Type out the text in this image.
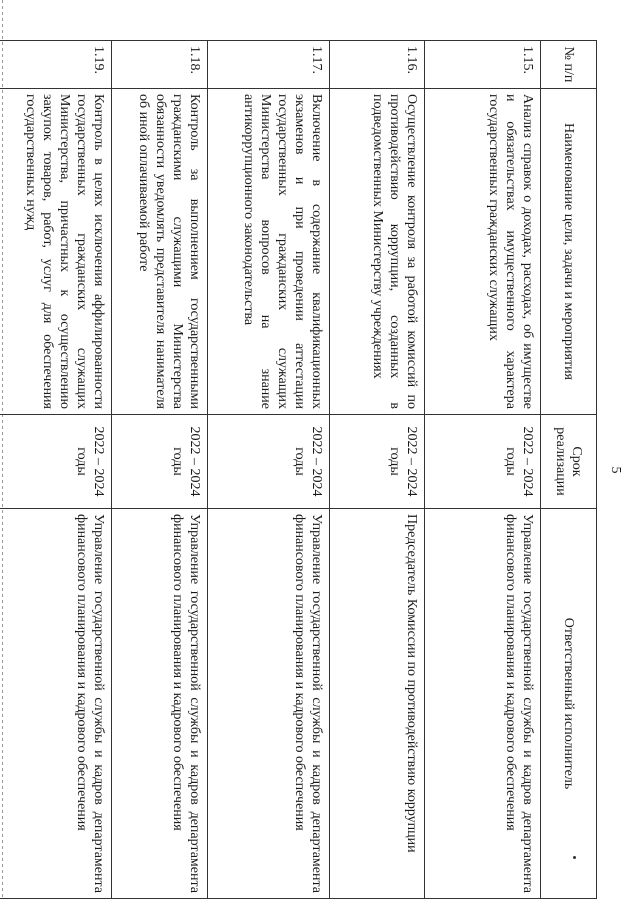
5
№ п/п	Наименование цели, задачи и мероприятия	Срок реализации	Ответственный исполнитель
1.15.	Анализ справок о доходах, расходах, об имуществе и обязательствах имущественного характера государственных гражданских служащих	2022 – 2024 годы	Управление государственной службы и кадров департамента финансового планирования и кадрового обеспечения
1.16.	Осуществление контроля за работой комиссий по противодействию коррупции, созданных в подведомственных Министерству учреждениях	2022 – 2024 годы	Председатель Комиссии по противодействию коррупции
1.17.	Включение в содержание квалификационных экзаменов и при проведении аттестации государственных гражданских служащих Министерства вопросов на знание антикоррупционного законодательства	2022 – 2024 годы	Управление государственной службы и кадров департамента финансового планирования и кадрового обеспечения
1.18.	Контроль за выполнением государственными гражданскими служащими Министерства обязанности уведомлять представителя нанимателя об иной оплачиваемой работе	2022 – 2024 годы	Управление государственной службы и кадров департамента финансового планирования и кадрового обеспечения
1.19.	Контроль в целях исключения аффилированности государственных гражданских служащих Министерства, причастных к осуществлению закупок товаров, работ, услуг для обеспечения государственных нужд	2022 – 2024 годы	Управление государственной службы и кадров департамента финансового планирования и кадрового обеспечения
